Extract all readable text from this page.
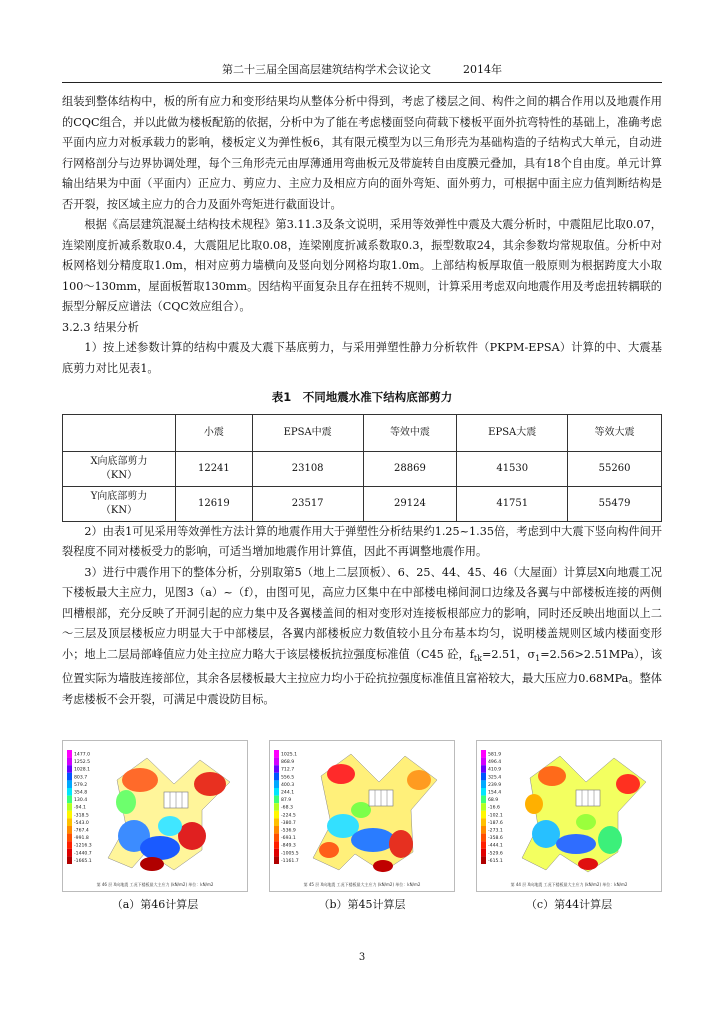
第二十三届全国高层建筑结构学术会议论文	2014年

组装到整体结构中，板的所有应力和变形结果均从整体分析中得到，考虑了楼层之间、构件之间的耦合作用以及地震作用的CQC组合，并以此做为楼板配筋的依据，分析中为了能在考虑楼面竖向荷载下楼板平面外抗弯特性的基础上，准确考虑平面内应力对板承载力的影响，楼板定义为弹性板6，其有限元模型为以三角形壳为基础构造的子结构式大单元，自动进行网格剖分与边界协调处理，每个三角形壳元由厚薄通用弯曲板元及带旋转自由度膜元叠加，具有18个自由度。单元计算输出结果为中面（平面内）正应力、剪应力、主应力及相应方向的面外弯矩、面外剪力，可根据中面主应力值判断结构是否开裂，按区域主应力的合力及面外弯矩进行截面设计。

根据《高层建筑混凝土结构技术规程》第3.11.3及条文说明，采用等效弹性中震及大震分析时，中震阻尼比取0.07，连梁刚度折减系数取0.4，大震阻尼比取0.08，连梁刚度折减系数取0.3，振型数取24，其余参数均常规取值。分析中对板网格划分精度取1.0m，相对应剪力墙横向及竖向划分网格均取1.0m。上部结构板厚取值一般原则为根据跨度大小取100～130mm，屋面板暂取130mm。因结构平面复杂且存在扭转不规则，计算采用考虑双向地震作用及考虑扭转耦联的振型分解反应谱法（CQC效应组合）。

3.2.3 结果分析

1）按上述参数计算的结构中震及大震下基底剪力，与采用弹塑性静力分析软件（PKPM-EPSA）计算的中、大震基底剪力对比见表1。

表1　不同地震水准下结构底部剪力
	小震	EPSA中震	等效中震	EPSA大震	等效大震
X向底部剪力
（KN）	12241	23108	28869	41530	55260
Y向底部剪力
（KN）	12619	23517	29124	41751	55479

2）由表1可见采用等效弹性方法计算的地震作用大于弹塑性分析结果约1.25~1.35倍，考虑到中大震下竖向构件间开裂程度不同对楼板受力的影响，可适当增加地震作用计算值，因此不再调整地震作用。

3）进行中震作用下的整体分析，分别取第5（地上二层顶板）、6、25、44、45、46（大屋面）计算层X向地震工况下楼板最大主应力，见图3（a）~（f），由图可见，高应力区集中在中部楼电梯间洞口边缘及各翼与中部楼板连接的两侧凹槽根部，充分反映了开洞引起的应力集中及各翼楼盖间的相对变形对连接板根部应力的影响，同时还反映出地面以上二～三层及顶层楼板应力明显大于中部楼层，各翼内部楼板应力数值较小且分布基本均匀，说明楼盖规则区域内楼面变形小；地上二层局部峰值应力处主拉应力略大于该层楼板抗拉强度标准值（C45 砼，$f_{tk}=2.51$，$\sigma_1=2.56>2.51MPa$），该位置实际为墙肢连接部位，其余各层楼板最大主拉应力均小于砼抗拉强度标准值且富裕较大，最大压应力0.68MPa。整体考虑楼板不会开裂，可满足中震设防目标。

1477.0
1252.5
1028.1
803.7
579.2
354.8
130.4
-94.1
-318.5
-543.0
-767.4
-991.8
-1216.3
-1440.7
-1665.1
第 46 层 X向地震 工况下楼板最大主应力 (kN/m2) 单位：kN/m2
（a）第46计算层
1025.1
868.9
712.7
556.5
400.3
244.1
87.9
-68.3
-224.5
-380.7
-536.9
-693.1
-849.3
-1005.5
-1161.7
第 45 层 X向地震 工况下楼板最大主应力 (kN/m2) 单位：kN/m2
（b）第45计算层
581.9
496.4
410.9
325.4
239.9
154.4
68.9
-16.6
-102.1
-187.6
-273.1
-358.6
-444.1
-529.6
-615.1
第 44 层 X向地震 工况下楼板最大主应力 (kN/m2) 单位：kN/m2
（c）第44计算层
3
